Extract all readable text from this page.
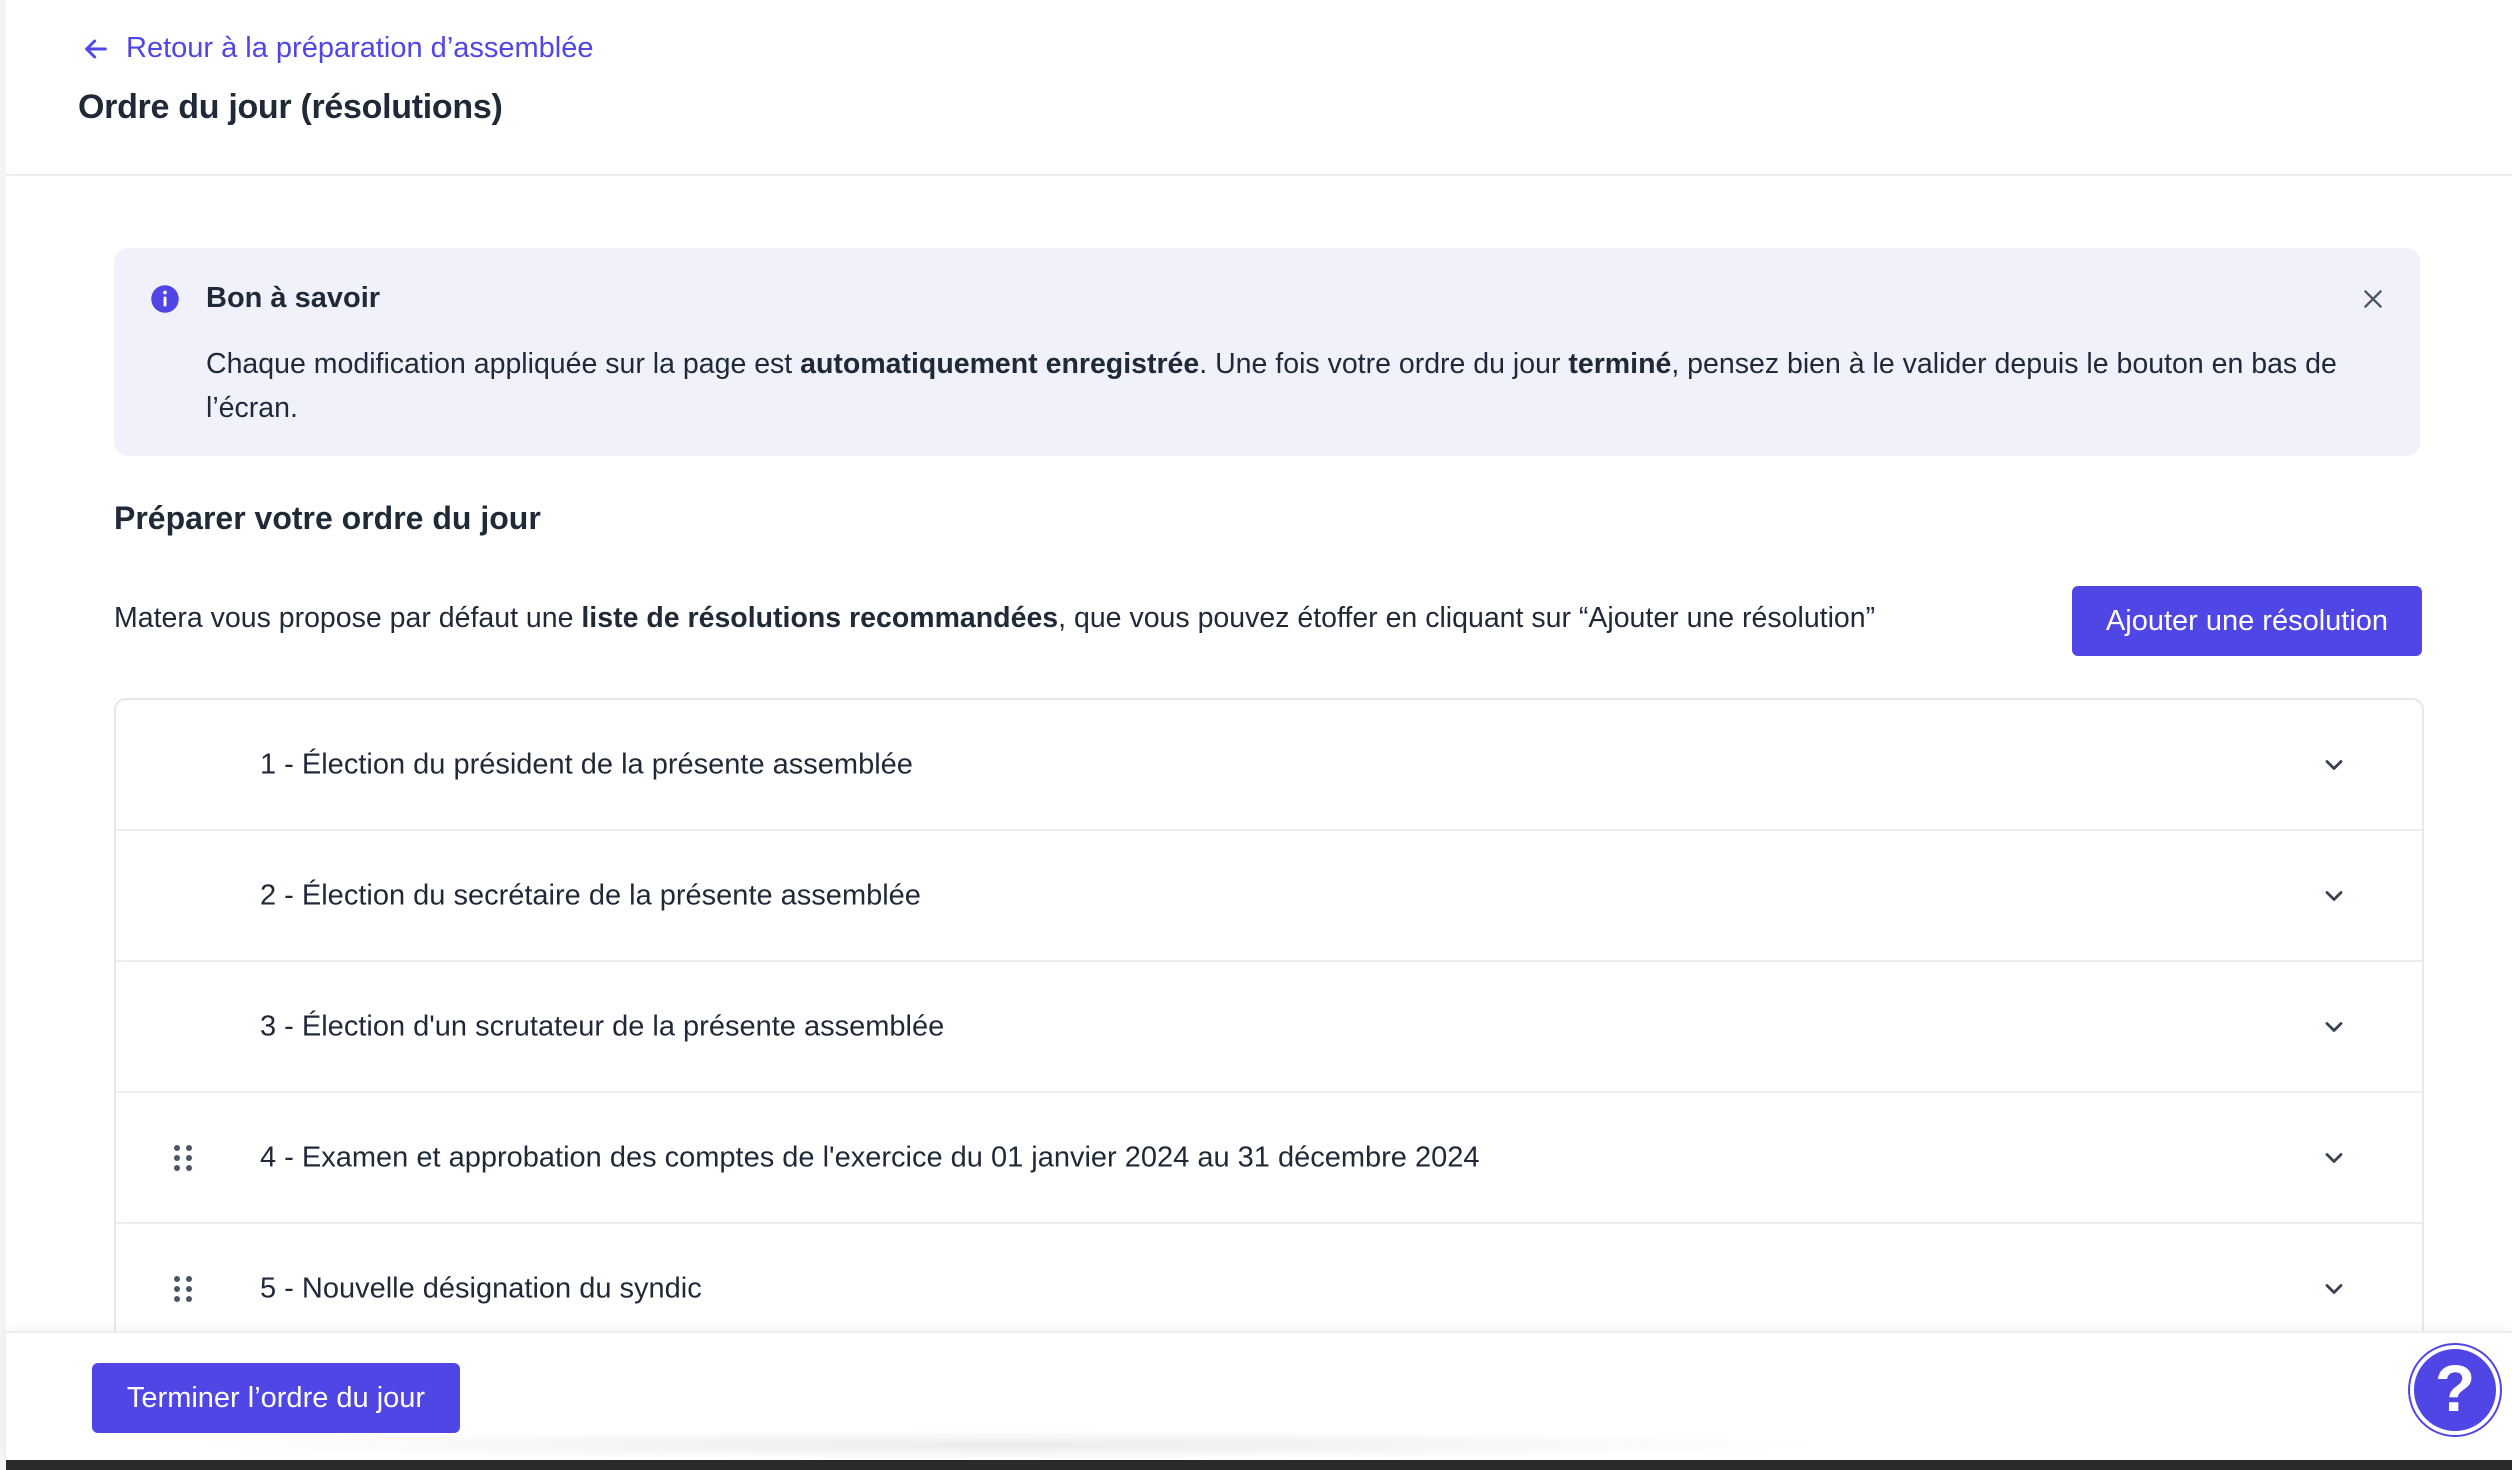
Retour à la préparation d’assemblée
Ordre du jour (résolutions)
Bon à savoir
Chaque modification appliquée sur la page est automatiquement enregistrée. Une fois votre ordre du jour terminé, pensez bien à le valider depuis le bouton en bas de l’écran.
Préparer votre ordre du jour
Matera vous propose par défaut une liste de résolutions recommandées, que vous pouvez étoffer en cliquant sur “Ajouter une résolution”	Ajouter une résolution
1 - Élection du président de la présente assemblée
2 - Élection du secrétaire de la présente assemblée
3 - Élection d'un scrutateur de la présente assemblée
4 - Examen et approbation des comptes de l'exercice du 01 janvier 2024 au 31 décembre 2024
5 - Nouvelle désignation du syndic
Terminer l’ordre du jour	?
